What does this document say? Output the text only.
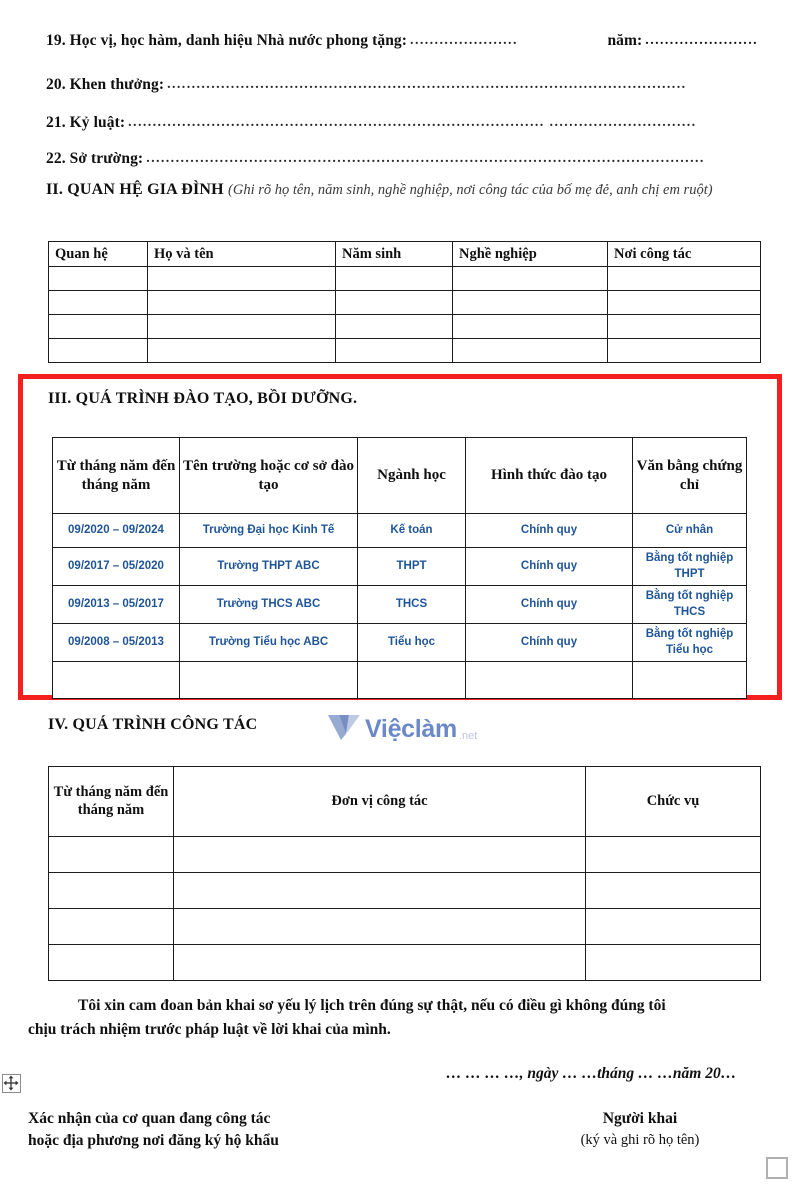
19. Học vị, học hàm, danh hiệu Nhà nước phong tặng: ......................	năm: .......................
20. Khen thưởng: ..........................................................................................................
21. Kỷ luật: ..................................................................................... ..............................
22. Sở trường: ..................................................................................................................
II. QUAN HỆ GIA ĐÌNH (Ghi rõ họ tên, năm sinh, nghề nghiệp, nơi công tác của bố mẹ đẻ, anh chị em ruột)
Quan hệ	Họ và tên	Năm sinh	Nghề nghiệp	Nơi công tác

III. QUÁ TRÌNH ĐÀO TẠO, BỒI DƯỠNG.
Từ tháng năm đến tháng năm	Tên trường hoặc cơ sở đào tạo	Ngành học	Hình thức đào tạo	Văn bằng chứng chỉ
09/2020 – 09/2024	Trường Đại học Kinh Tế	Kế toán	Chính quy	Cử nhân
09/2017 – 05/2020	Trường THPT ABC	THPT	Chính quy	Bằng tốt nghiệp THPT
09/2013 – 05/2017	Trường THCS ABC	THCS	Chính quy	Bằng tốt nghiệp THCS
09/2008 – 05/2013	Trường Tiểu học ABC	Tiểu học	Chính quy	Bằng tốt nghiệp Tiểu học

IV. QUÁ TRÌNH CÔNG TÁC	Việclàm .net
Từ tháng năm đến tháng năm	Đơn vị công tác	Chức vụ

Tôi xin cam đoan bản khai sơ yếu lý lịch trên đúng sự thật, nếu có điều gì không đúng tôi
chịu trách nhiệm trước pháp luật về lời khai của mình.
… … … …, ngày … …tháng … …năm 20…
Xác nhận của cơ quan đang công tác
hoặc địa phương nơi đăng ký hộ khẩu
Người khai
(ký và ghi rõ họ tên)
